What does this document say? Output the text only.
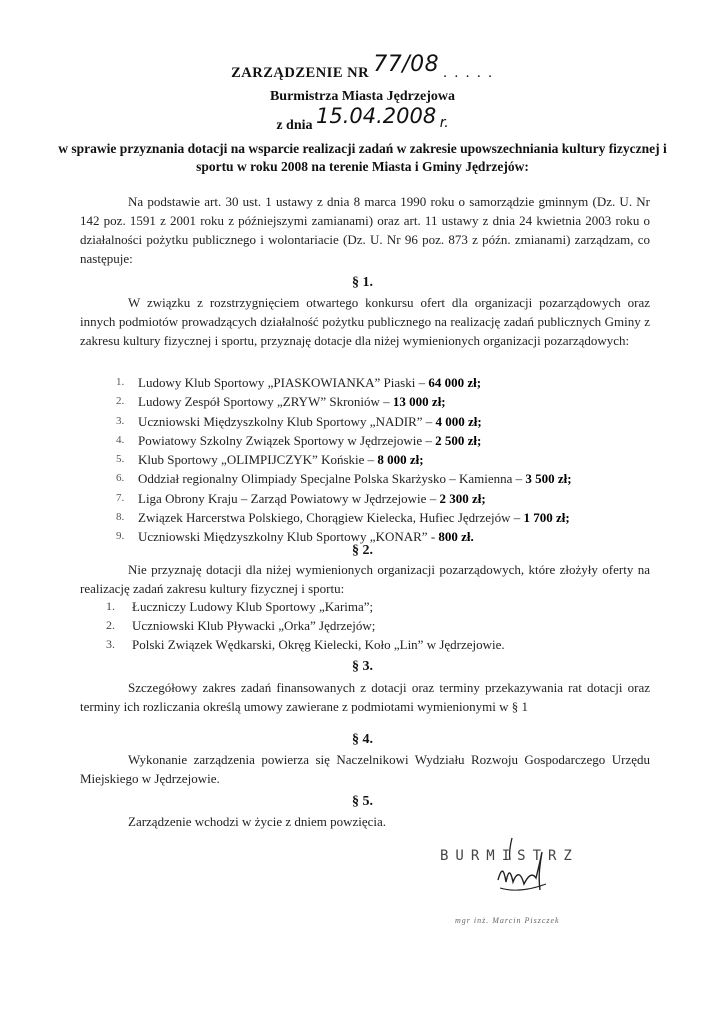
ZARZĄDZENIE NR 77/08 . . . . .
Burmistrza Miasta Jędrzejowa
z dnia 15.04.2008 r.
w sprawie przyznania dotacji na wsparcie realizacji zadań w zakresie upowszechniania kultury fizycznej i sportu w roku 2008 na terenie Miasta i Gminy Jędrzejów:
Na podstawie art. 30 ust. 1 ustawy z dnia 8 marca 1990 roku o samorządzie gminnym (Dz. U. Nr 142 poz. 1591 z 2001 roku z późniejszymi zamianami) oraz art. 11 ustawy z dnia 24 kwietnia 2003 roku o działalności pożytku publicznego i wolontariacie (Dz. U. Nr 96 poz. 873 z późn. zmianami) zarządzam, co następuje:
§ 1.
W związku z rozstrzygnięciem otwartego konkursu ofert dla organizacji pozarządowych oraz innych podmiotów prowadzących działalność pożytku publicznego na realizację zadań publicznych Gminy z zakresu kultury fizycznej i sportu, przyznaję dotacje dla niżej wymienionych organizacji pozarządowych:
1. Ludowy Klub Sportowy „PIASKOWIANKA” Piaski – 64 000 zł;
2. Ludowy Zespół Sportowy „ZRYW” Skroniów – 13 000 zł;
3. Uczniowski Międzyszkolny Klub Sportowy „NADIR” – 4 000 zł;
4. Powiatowy Szkolny Związek Sportowy w Jędrzejowie – 2 500 zł;
5. Klub Sportowy „OLIMPIJCZYK” Końskie – 8 000 zł;
6. Oddział regionalny Olimpiady Specjalne Polska Skarżysko – Kamienna – 3 500 zł;
7. Liga Obrony Kraju – Zarząd Powiatowy w Jędrzejowie – 2 300 zł;
8. Związek Harcerstwa Polskiego, Chorągiew Kielecka, Hufiec Jędrzejów – 1 700 zł;
9. Uczniowski Międzyszkolny Klub Sportowy „KONAR” - 800 zł.
§ 2.
Nie przyznaję dotacji dla niżej wymienionych organizacji pozarządowych, które złożyły oferty na realizację zadań zakresu kultury fizycznej i sportu:
1. Łuczniczy Ludowy Klub Sportowy „Karima”;
2. Uczniowski Klub Pływacki „Orka” Jędrzejów;
3. Polski Związek Wędkarski, Okręg Kielecki, Koło „Lin” w Jędrzejowie.
§ 3.
Szczegółowy zakres zadań finansowanych z dotacji oraz terminy przekazywania rat dotacji oraz terminy ich rozliczania określą umowy zawierane z podmiotami wymienionymi w § 1
§ 4.
Wykonanie zarządzenia powierza się Naczelnikowi Wydziału Rozwoju Gospodarczego Urzędu Miejskiego w Jędrzejowie.
§ 5.
Zarządzenie wchodzi w życie z dniem powzięcia.
BURMISTRZ
mgr inż. Marcin Piszczek
